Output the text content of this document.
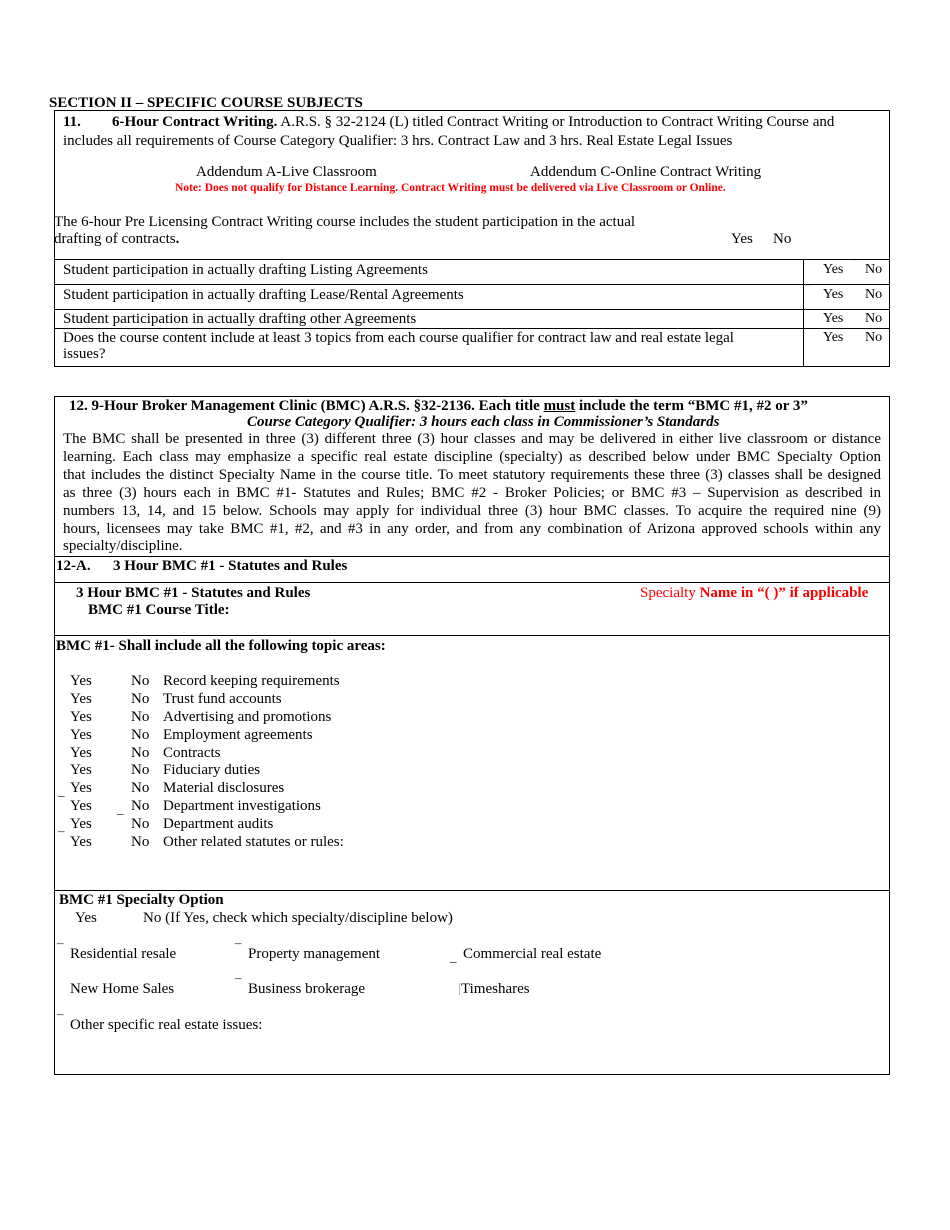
SECTION II – SPECIFIC COURSE SUBJECTS
11. 6-Hour Contract Writing. A.R.S. § 32-2124 (L) titled Contract Writing or Introduction to Contract Writing Course and
includes all requirements of Course Category Qualifier: 3 hrs. Contract Law and 3 hrs. Real Estate Legal Issues
Addendum A-Live Classroom	Addendum C-Online Contract Writing
Note: Does not qualify for Distance Learning. Contract Writing must be delivered via Live Classroom or Online.
The 6-hour Pre Licensing Contract Writing course includes the student participation in the actual
drafting of contracts.	Yes No
Student participation in actually drafting Listing Agreements	Yes ¯ No
Student participation in actually drafting Lease/Rental Agreements	¯ Yes No
Student participation in actually drafting other Agreements	Yes No
Does the course content include at least 3 topics from each course qualifier for contract law and real estate legal
issues?
Yes No
12. 9-Hour Broker Management Clinic (BMC) A.R.S. §32-2136. Each title must include the term “BMC #1, #2 or 3”
Course Category Qualifier: 3 hours each class in Commissioner’s Standards
The BMC shall be presented in three (3) different three (3) hour classes and may be delivered in either live classroom or distance
learning. Each class may emphasize a specific real estate discipline (specialty) as described below under BMC Specialty Option
that includes the distinct Specialty Name in the course title. To meet statutory requirements these three (3) classes shall be designed
as three (3) hours each in BMC #1- Statutes and Rules; BMC #2 - Broker Policies; or BMC #3 – Supervision as described in
numbers 13, 14, and 15 below. Schools may apply for individual three (3) hour BMC classes. To acquire the required nine (9)
hours, licensees may take BMC #1, #2, and #3 in any order, and from any combination of Arizona approved schools within any
specialty/discipline.
12-A. 3 Hour BMC #1 - Statutes and Rules
3 Hour BMC #1 - Statutes and Rules
BMC #1 Course Title:
Specialty Name in “( )” if applicable
BMC #1- Shall include all the following topic areas:
Yes	No Record keeping requirements
Yes	No Trust fund accounts
Yes	No Advertising and promotions
Yes	No Employment agreements
Yes	No Contracts
Yes	No Fiduciary duties
_ Yes	No Material disclosures
Yes _ No Department investigations
Yes	No Department audits
¯ Yes	No Other related statutes or rules:
BMC #1 Specialty Option
Yes	No (If Yes, check which specialty/discipline below)
¯ Residential resale	¯ Property management	_ Commercial real estate
New Home Sales	¯ Business brokerage	Timeshares
¯ Other specific real estate issues:
